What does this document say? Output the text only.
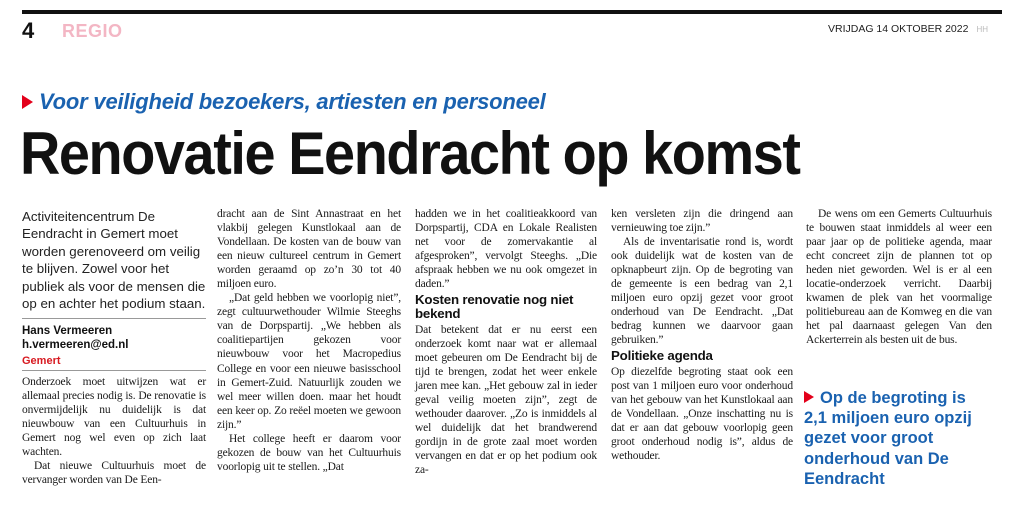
4 REGIO	VRIJDAG 14 OKTOBER 2022 HH
Voor veiligheid bezoekers, artiesten en personeel
Renovatie Eendracht op komst
Activiteitencentrum De Eendracht in Gemert moet worden gerenoveerd om veilig te blijven. Zowel voor het publiek als voor de mensen die op en achter het podium staan.
Hans Vermeeren
h.vermeeren@ed.nl
Gemert

Onderzoek moet uitwijzen wat er allemaal precies nodig is. De renovatie is onvermijdelijk nu duidelijk is dat nieuwbouw van een Cultuurhuis in Gemert nog wel even op zich laat wachten.

Dat nieuwe Cultuurhuis moet de vervanger worden van De Een-

dracht aan de Sint Annastraat en het vlakbij gelegen Kunstlokaal aan de Vondellaan. De kosten van de bouw van een nieuw cultureel centrum in Gemert worden geraamd op zo’n 30 tot 40 miljoen euro.

„Dat geld hebben we voorlopig niet”, zegt cultuurwethouder Wilmie Steeghs van de Dorpspartij. „We hebben als coalitiepartijen gekozen voor nieuwbouw voor het Macropedius College en voor een nieuwe basisschool in Gemert-Zuid. Natuurlijk zouden we wel meer willen doen. maar het houdt een keer op. Zo reëel moeten we gewoon zijn.”

Het college heeft er daarom voor gekozen de bouw van het Cultuurhuis voorlopig uit te stellen. „Dat

hadden we in het coalitieakkoord van Dorpspartij, CDA en Lokale Realisten net voor de zomervakantie al afgesproken”, vervolgt Steeghs. „Die afspraak hebben we nu ook omgezet in daden.”

Kosten renovatie nog niet bekend

Dat betekent dat er nu eerst een onderzoek komt naar wat er allemaal moet gebeuren om De Eendracht bij de tijd te brengen, zodat het weer enkele jaren mee kan. „Het gebouw zal in ieder geval veilig moeten zijn”, zegt de wethouder daarover. „Zo is inmiddels al wel duidelijk dat het brandwerend gordijn in de grote zaal moet worden vervangen en dat er op het podium ook za-

ken versleten zijn die dringend aan vernieuwing toe zijn.”

Als de inventarisatie rond is, wordt ook duidelijk wat de kosten van de opknapbeurt zijn. Op de begroting van de gemeente is een bedrag van 2,1 miljoen euro opzij gezet voor groot onderhoud van De Eendracht. „Dat bedrag kunnen we daarvoor gaan gebruiken.”

Politieke agenda

Op diezelfde begroting staat ook een post van 1 miljoen euro voor onderhoud van het gebouw van het Kunstlokaal aan de Vondellaan. „Onze inschatting nu is dat er aan dat gebouw voorlopig geen groot onderhoud nodig is”, aldus de wethouder.

De wens om een Gemerts Cultuurhuis te bouwen staat inmiddels al weer een paar jaar op de politieke agenda, maar echt concreet zijn de plannen tot op heden niet geworden. Wel is er al een locatie-onderzoek verricht. Daarbij kwamen de plek van het voormalige politiebureau aan de Komweg en die van het pal daarnaast gelegen Van den Ackerterrein als besten uit de bus.

Op de begroting is 2,1 miljoen euro opzij gezet voor groot onderhoud van De Eendracht
